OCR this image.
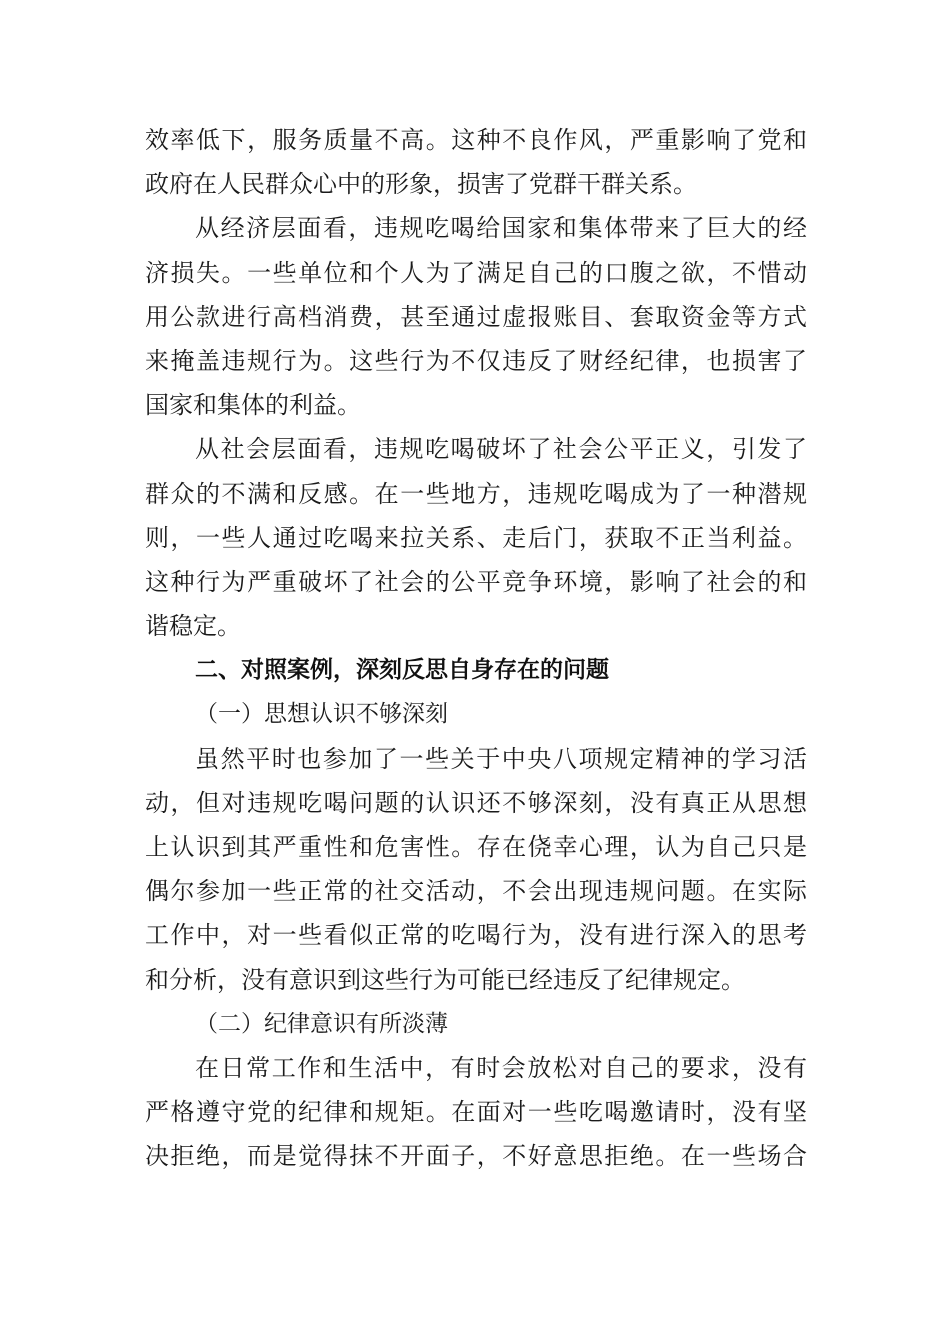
效率低下，服务质量不高。这种不良作风，严重影响了党和
政府在人民群众心中的形象，损害了党群干群关系。
从经济层面看，违规吃喝给国家和集体带来了巨大的经
济损失。一些单位和个人为了满足自己的口腹之欲，不惜动
用公款进行高档消费，甚至通过虚报账目、套取资金等方式
来掩盖违规行为。这些行为不仅违反了财经纪律，也损害了
国家和集体的利益。
从社会层面看，违规吃喝破坏了社会公平正义，引发了
群众的不满和反感。在一些地方，违规吃喝成为了一种潜规
则，一些人通过吃喝来拉关系、走后门，获取不正当利益。
这种行为严重破坏了社会的公平竞争环境，影响了社会的和
谐稳定。
二、对照案例，深刻反思自身存在的问题
（一）思想认识不够深刻
虽然平时也参加了一些关于中央八项规定精神的学习活
动，但对违规吃喝问题的认识还不够深刻，没有真正从思想
上认识到其严重性和危害性。存在侥幸心理，认为自己只是
偶尔参加一些正常的社交活动，不会出现违规问题。在实际
工作中，对一些看似正常的吃喝行为，没有进行深入的思考
和分析，没有意识到这些行为可能已经违反了纪律规定。
（二）纪律意识有所淡薄
在日常工作和生活中，有时会放松对自己的要求，没有
严格遵守党的纪律和规矩。在面对一些吃喝邀请时，没有坚
决拒绝，而是觉得抹不开面子，不好意思拒绝。在一些场合
